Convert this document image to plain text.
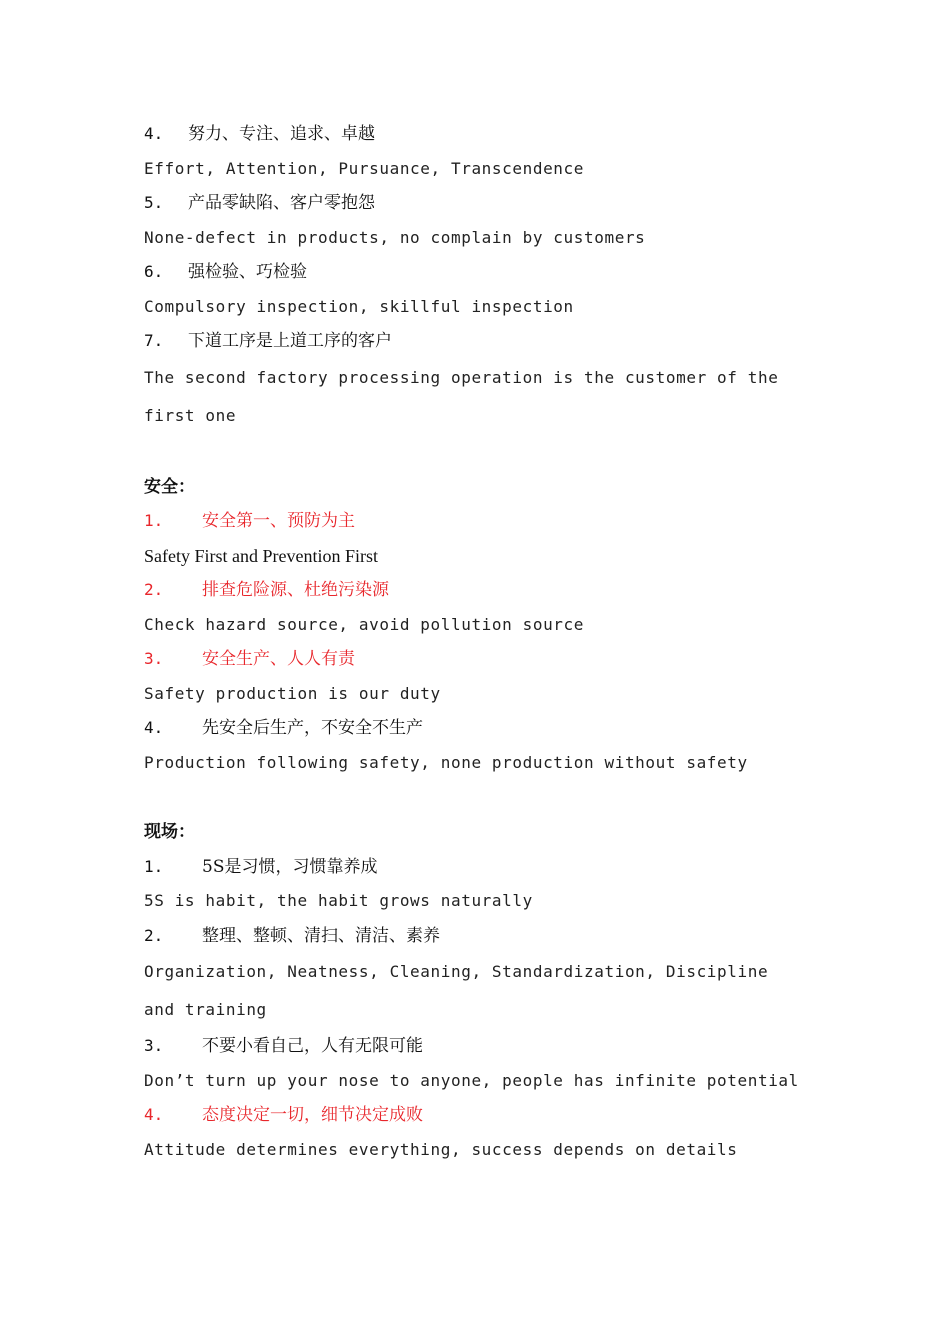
4. 努力、专注、追求、卓越
Effort, Attention, Pursuance, Transcendence
5. 产品零缺陷、客户零抱怨
None-defect in products, no complain by customers
6. 强检验、巧检验
Compulsory inspection, skillful inspection
7. 下道工序是上道工序的客户
The second factory processing operation is the customer of the first one
安全：
1. 安全第一、预防为主
Safety First and Prevention First
2. 排查危险源、杜绝污染源
Check hazard source, avoid pollution source
3. 安全生产、人人有责
Safety production is our duty
4. 先安全后生产，不安全不生产
Production following safety, none production without safety
现场：
1. 5S是习惯，习惯靠养成
5S is habit, the habit grows naturally
2. 整理、整顿、清扫、清洁、素养
Organization, Neatness, Cleaning, Standardization, Discipline and training
3. 不要小看自己，人有无限可能
Don’t turn up your nose to anyone, people has infinite potential
4. 态度决定一切，细节决定成败
Attitude determines everything, success depends on details
